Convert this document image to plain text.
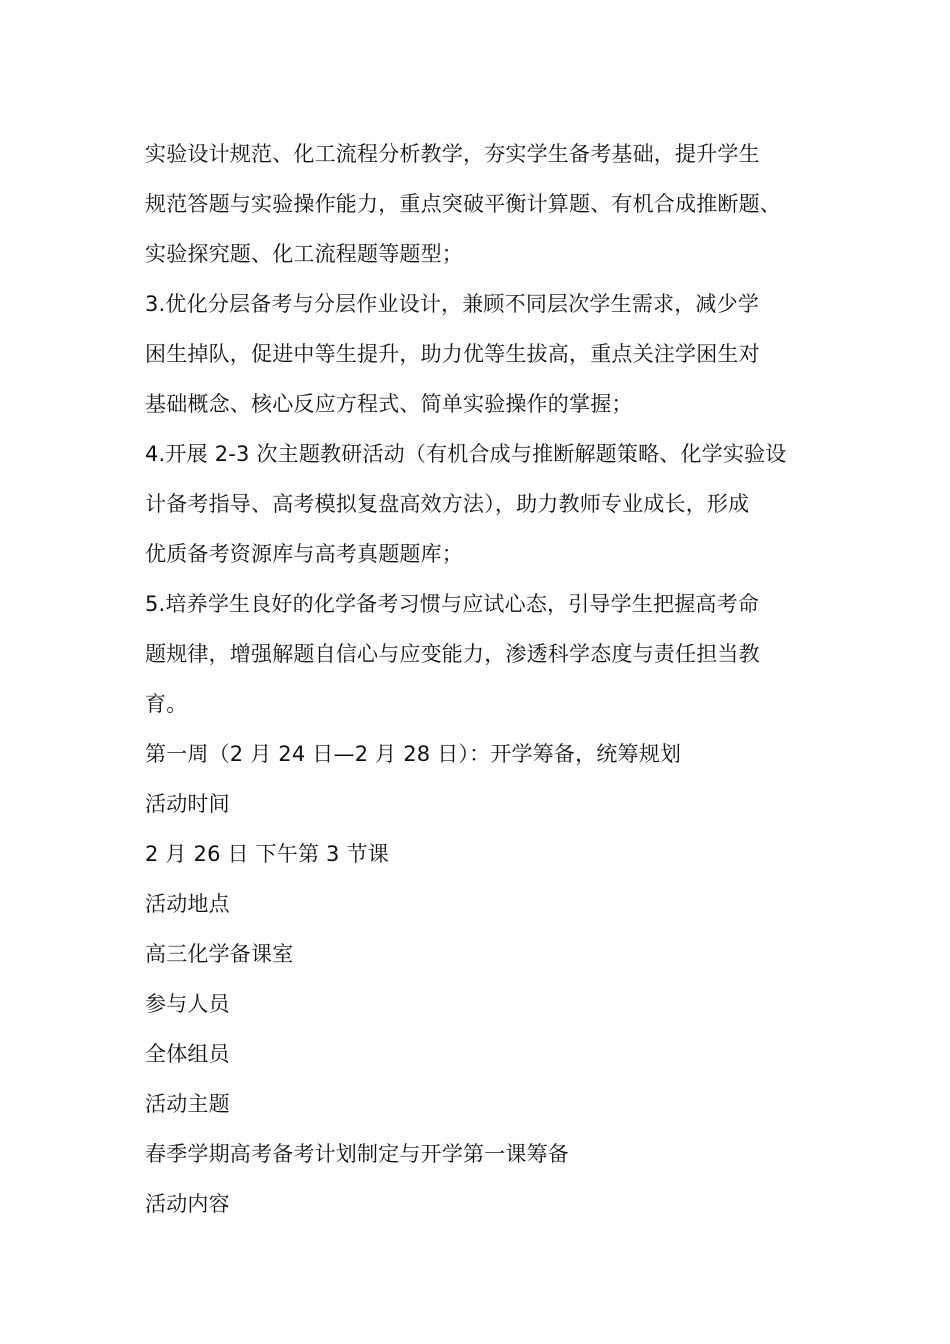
实验设计规范、化工流程分析教学，夯实学生备考基础，提升学生
规范答题与实验操作能力，重点突破平衡计算题、有机合成推断题、
实验探究题、化工流程题等题型；
3.优化分层备考与分层作业设计，兼顾不同层次学生需求，减少学
困生掉队，促进中等生提升，助力优等生拔高，重点关注学困生对
基础概念、核心反应方程式、简单实验操作的掌握；
4.开展 2-3 次主题教研活动（有机合成与推断解题策略、化学实验设
计备考指导、高考模拟复盘高效方法），助力教师专业成长，形成
优质备考资源库与高考真题题库；
5.培养学生良好的化学备考习惯与应试心态，引导学生把握高考命
题规律，增强解题自信心与应变能力，渗透科学态度与责任担当教
育。
第一周（2 月 24 日—2 月 28 日）：开学筹备，统筹规划
活动时间
2 月 26 日 下午第 3 节课
活动地点
高三化学备课室
参与人员
全体组员
活动主题
春季学期高考备考计划制定与开学第一课筹备
活动内容
